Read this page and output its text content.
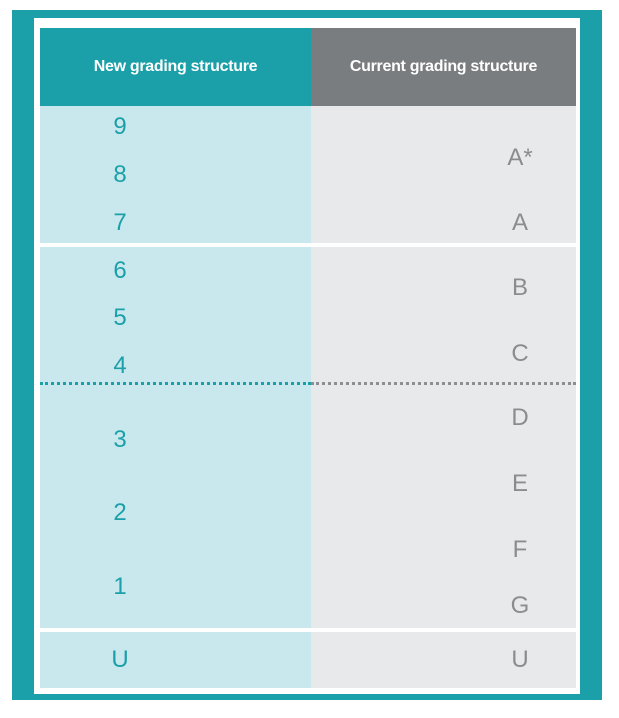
New grading structure	Current grading structure
9
8
7
6
5
4
3
2
1
U
A*
A
B
C
D
E
F
G
U
